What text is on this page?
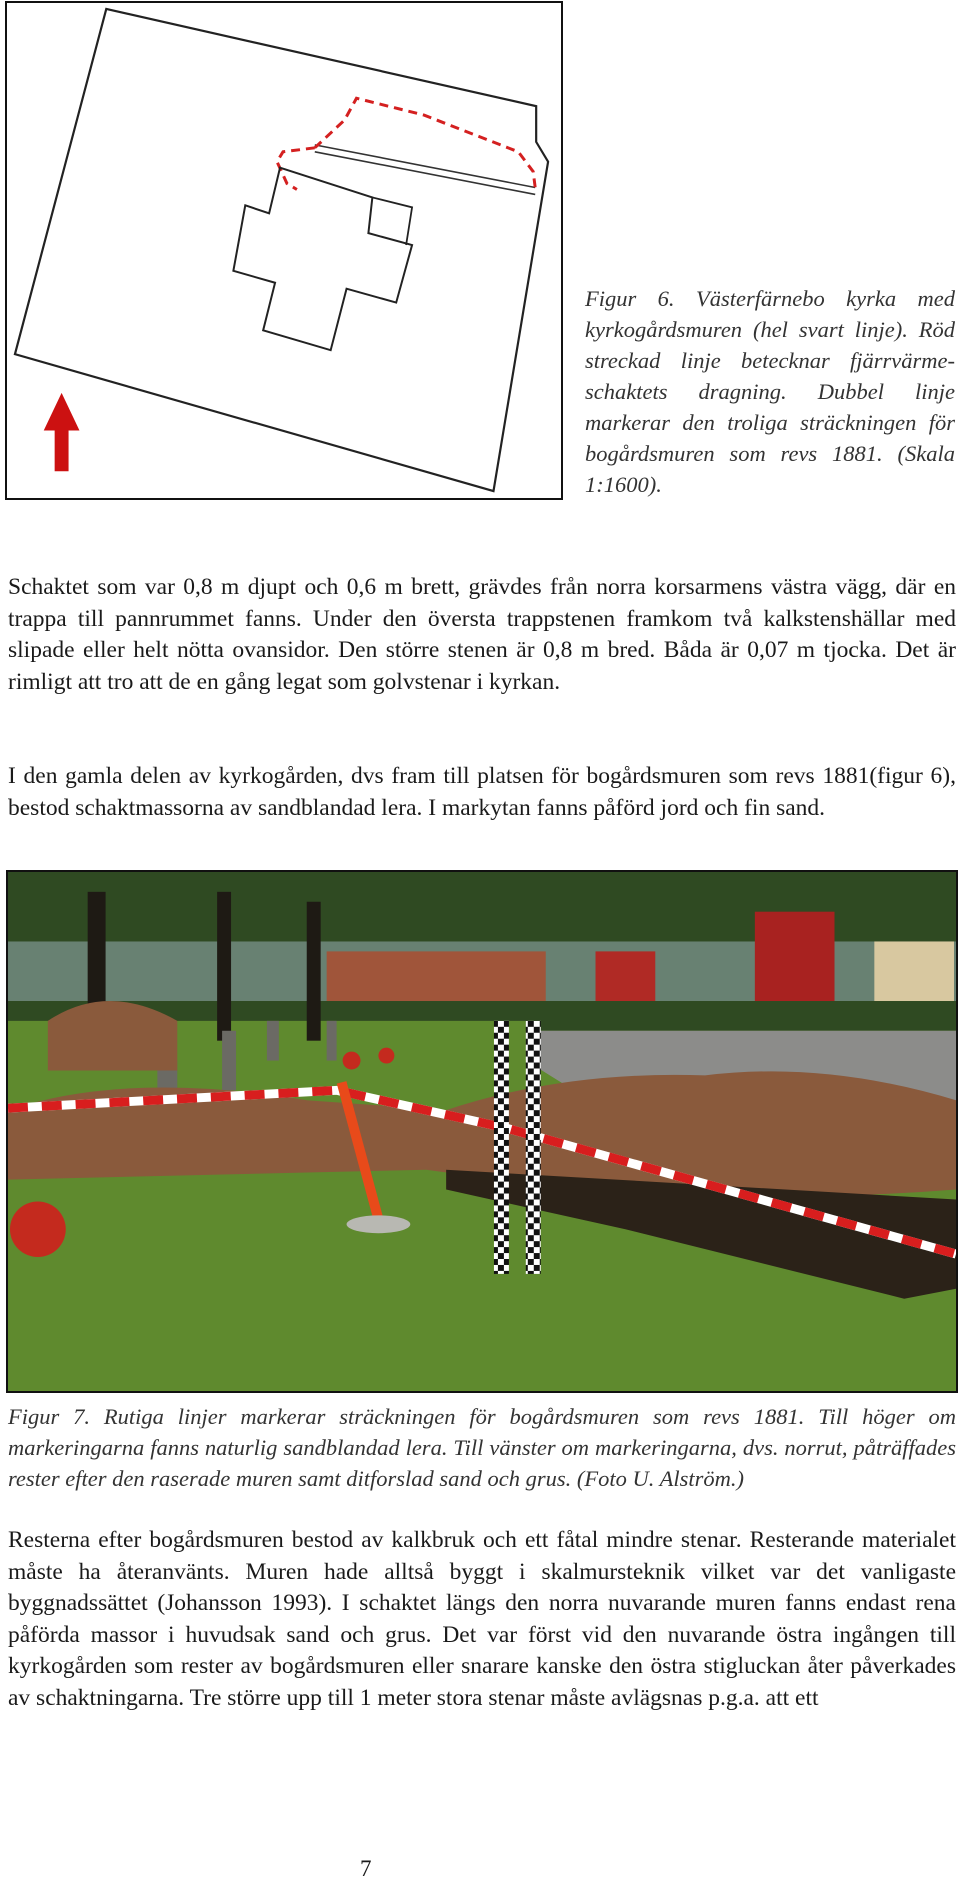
Figur 6. Västerfärnebo kyrka med kyrkogårdsmuren (hel svart linje). Röd streckad linje betecknar fjärrvärme-schaktets dragning. Dubbel linje markerar den troliga sträckningen för bogårdsmuren som revs 1881. (Skala 1:1600).

Schaktet som var 0,8 m djupt och 0,6 m brett, grävdes från norra korsarmens västra vägg, där en trappa till pannrummet fanns. Under den översta trappstenen framkom två kalkstenshällar med slipade eller helt nötta ovansidor. Den större stenen är 0,8 m bred. Båda är 0,07 m tjocka. Det är rimligt att tro att de en gång legat som golvstenar i kyrkan.

I den gamla delen av kyrkogården, dvs fram till platsen för bogårdsmuren som revs 1881(figur 6), bestod schaktmassorna av sandblandad lera. I markytan fanns påförd jord och fin sand.

Figur 7. Rutiga linjer markerar sträckningen för bogårdsmuren som revs 1881. Till höger om markeringarna fanns naturlig sandblandad lera. Till vänster om markeringarna, dvs. norrut, påträffades rester efter den raserade muren samt ditforslad sand och grus. (Foto U. Alström.)

Resterna efter bogårdsmuren bestod av kalkbruk och ett fåtal mindre stenar. Resterande materialet måste ha återanvänts. Muren hade alltså byggt i skalmursteknik vilket var det vanligaste byggnadssättet (Johansson 1993). I schaktet längs den norra nuvarande muren fanns endast rena påförda massor i huvudsak sand och grus. Det var först vid den nuvarande östra ingången till kyrkogården som rester av bogårdsmuren eller snarare kanske den östra stigluckan åter påverkades av schaktningarna. Tre större upp till 1 meter stora stenar måste avlägsnas p.g.a. att ett

7
